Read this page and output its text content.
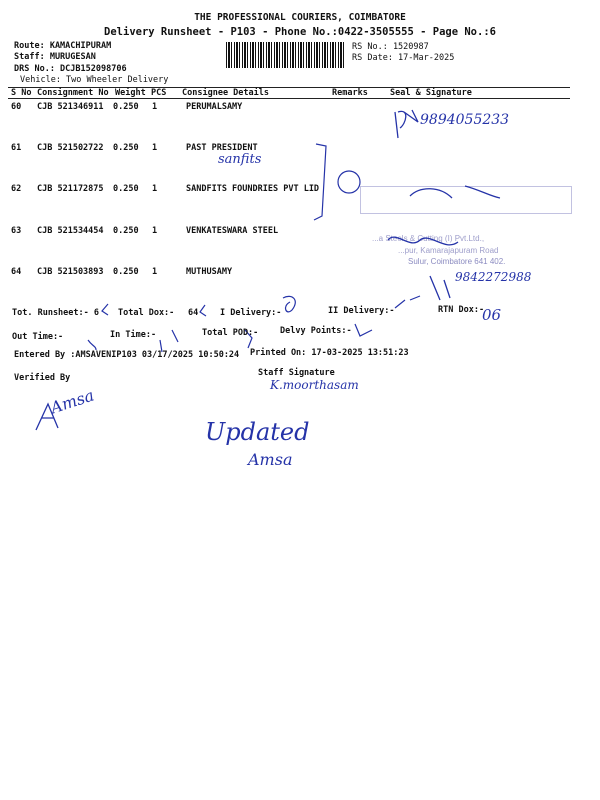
THE PROFESSIONAL COURIERS, COIMBATORE
Delivery Runsheet - P103 - Phone No.:0422-3505555 - Page No.:6
Route: KAMACHIPURAM
Staff: MURUGESAN
DRS No.: DCJB152098706
Vehicle: Two Wheeler Delivery
RS No.: 1520987
RS Date: 17-Mar-2025
S No Consignment No Weight PCS Consignee Details	Remarks	Seal & Signature
60 CJB 521346911 0.250 1	PERUMALSAMY
61 CJB 521502722 0.250 1	PAST PRESIDENT
62 CJB 521172875 0.250 1	SANDFITS FOUNDRIES PVT LID
63 CJB 521534454 0.250 1	VENKATESWARA STEEL
64 CJB 521503893 0.250 1	MUTHUSAMY
...a Steels & Cutting (I) Pvt.Ltd.,
...pur, Kamarajapuram Road
Sulur, Coimbatore 641 402.
9894055233
sanfits
9842272988
06
K.moorthasam
Amsa
Updated
Amsa
Tot. Runsheet:- 6 Total Dox:- 64	I Delivery:-	II Delivery:-	RTN Dox:-
Out Time:-	In Time:-	Total POD:-	Delvy Points:-
Entered By :AMSAVENIP103 03/17/2025 10:50:24 Printed On: 17-03-2025 13:51:23
Verified By	Staff Signature
